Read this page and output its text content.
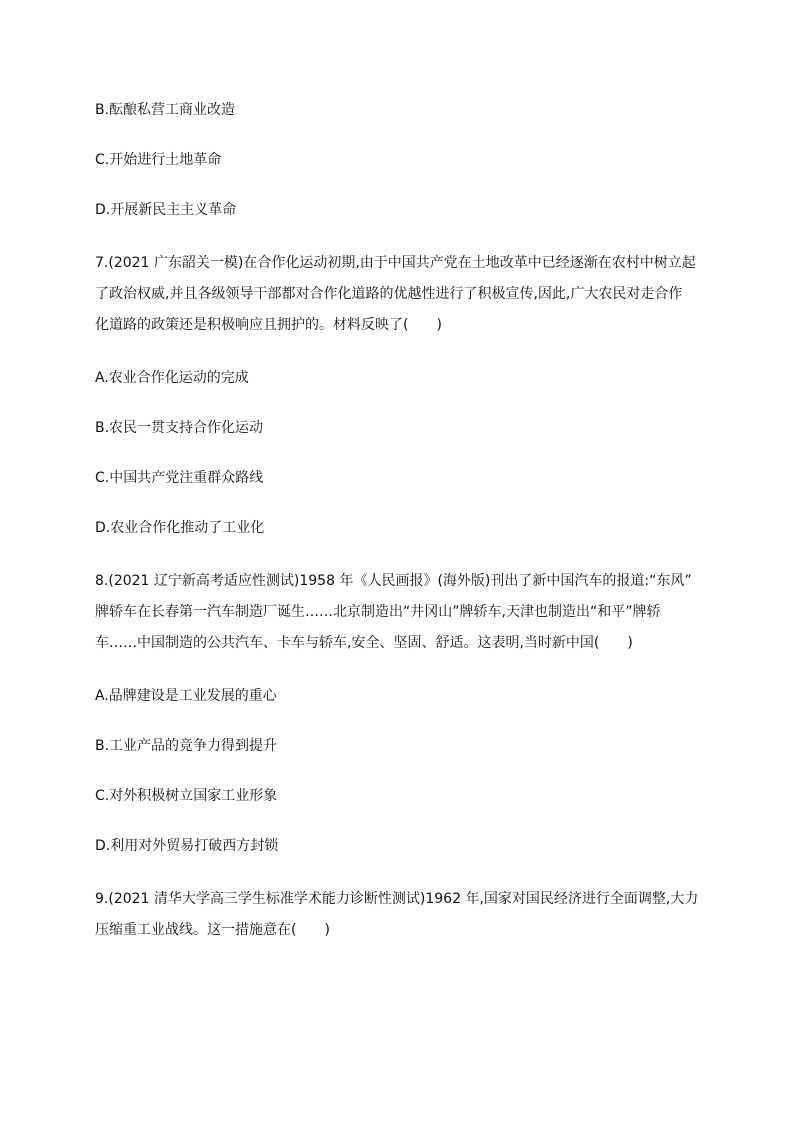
B.酝酿私营工商业改造

C.开始进行土地革命

D.开展新民主主义革命

7.(2021 广东韶关一模)在合作化运动初期,由于中国共产党在土地改革中已经逐渐在农村中树立起

了政治权威,并且各级领导干部都对合作化道路的优越性进行了积极宣传,因此,广大农民对走合作

化道路的政策还是积极响应且拥护的。材料反映了(　　)

A.农业合作化运动的完成

B.农民一贯支持合作化运动

C.中国共产党注重群众路线

D.农业合作化推动了工业化

8.(2021 辽宁新高考适应性测试)1958 年《人民画报》(海外版)刊出了新中国汽车的报道:“东风”

牌轿车在长春第一汽车制造厂诞生……北京制造出“井冈山”牌轿车,天津也制造出“和平”牌轿

车……中国制造的公共汽车、卡车与轿车,安全、坚固、舒适。这表明,当时新中国(　　)

A.品牌建设是工业发展的重心

B.工业产品的竞争力得到提升

C.对外积极树立国家工业形象

D.利用对外贸易打破西方封锁

9.(2021 清华大学高三学生标准学术能力诊断性测试)1962 年,国家对国民经济进行全面调整,大力

压缩重工业战线。这一措施意在(　　)
